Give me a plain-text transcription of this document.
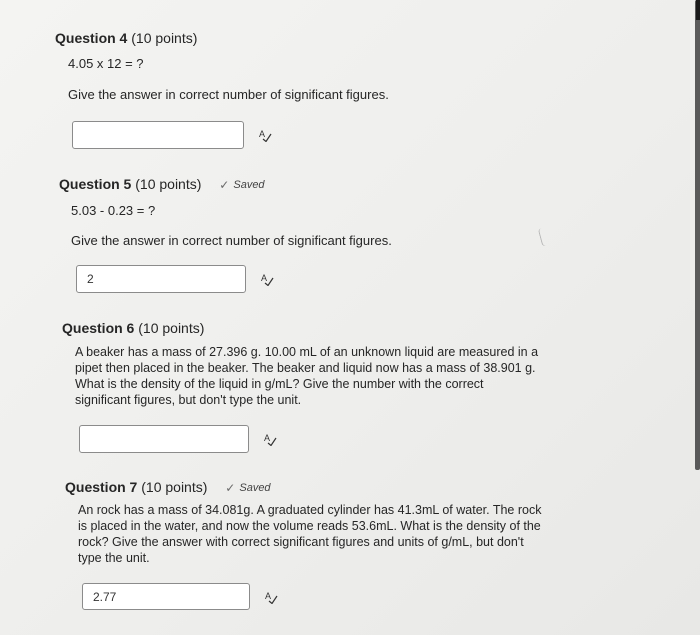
Question 4 (10 points)
4.05 x 12 = ?
Give the answer in correct number of significant figures.
A
Question 5 (10 points) ✓ Saved
5.03 - 0.23 = ?
Give the answer in correct number of significant figures.
2
A
Question 6 (10 points)
A beaker has a mass of 27.396 g. 10.00 mL of an unknown liquid are measured in a
pipet then placed in the beaker. The beaker and liquid now has a mass of 38.901 g.
What is the density of the liquid in g/mL? Give the number with the correct
significant figures, but don't type the unit.
A
Question 7 (10 points) ✓ Saved
An rock has a mass of 34.081g. A graduated cylinder has 41.3mL of water. The rock
is placed in the water, and now the volume reads 53.6mL. What is the density of the
rock? Give the answer with correct significant figures and units of g/mL, but don't
type the unit.
2.77
A
